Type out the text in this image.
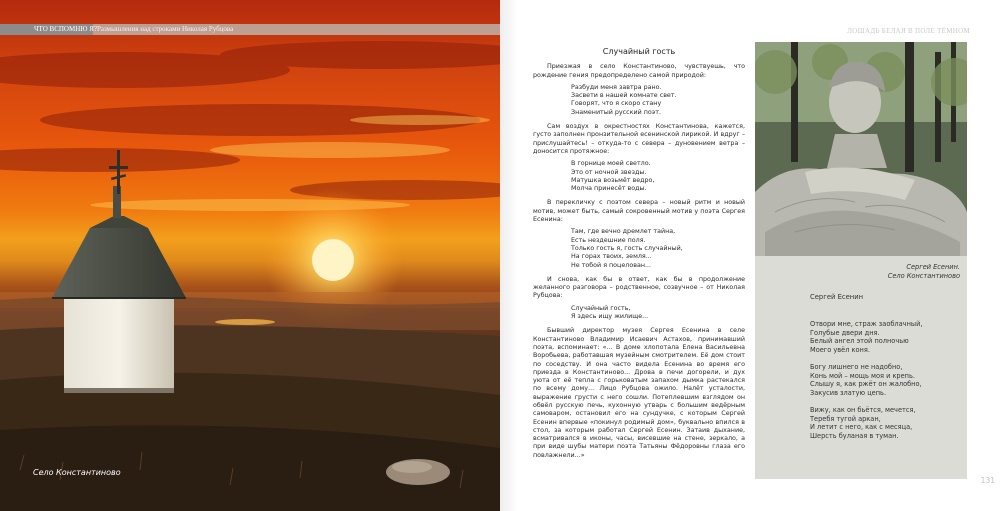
ЧТО ВСПОМНЮ Я? Размышления над строками Николая Рубцова
Село Константиново
ЛОШАДЬ БЕЛАЯ В ПОЛЕ ТЁМНОМ
Случайный гость

Приезжая в село Константиново, чувствуешь, что рождение гения предопределено самой природой:

Разбуди меня завтра рано.
Засвети в нашей комнате свет.
Говорят, что я скоро стану
Знаменитый русский поэт.

Сам воздух в окрестностях Константинова, кажется, густо заполнен пронзительной есенинской лирикой. И вдруг – прислушайтесь! – откуда-то с севера – дуновением ветра – доносится протяжное:

В горнице моей светло.
Это от ночной звезды.
Матушка возьмёт ведро,
Молча принесёт воды.

В перекличку с поэтом севера – новый ритм и новый мотив, может быть, самый сокровенный мотив у поэта Сергея Есенина:

Там, где вечно дремлет тайна,
Есть нездешние поля.
Только гость я, гость случайный,
На горах твоих, земля...
Не тобой я поцелован...

И снова, как бы в ответ, как бы в продолжение желанного разговора – родственное, созвучное – от Николая Рубцова:

Случайный гость,
Я здесь ищу жилище...

Бывший директор музея Сергея Есенина в селе Константиново Владимир Исаевич Астахов, принимавший поэта, вспоминает: «... В доме хлопотала Елена Васильевна Воробьева, работавшая музейным смотрителем. Её дом стоит по соседству. И она часто видела Есенина во время его приезда в Константиново... Дрова в печи догорели, и дух уюта от её тепла с горьковатым запахом дымка растекался по всему дому... Лицо Рубцова ожило. Налёт усталости, выражение грусти с него сошли. Потеплевшим взглядом он обвёл русскую печь, кухонную утварь с большим ведёрным самоваром, остановил его на сундучке, с которым Сергей Есенин впервые «покинул родимый дом», буквально впился в стол, за которым работал Сергей Есенин. Затаив дыхание, всматривался в иконы, часы, висевшие на стене, зеркало, а при виде шубы матери поэта Татьяны Фёдоровны глаза его повлажнели...»

131
Сергей Есенин.
Село Константиново
Сергей Есенин
Отвори мне, страж заоблачный,
Голубые двери дня.
Белый ангел этой полночью
Моего увёл коня.
Богу лишнего не надобно,
Конь мой – мощь моя и крепь.
Слышу я, как ржёт он жалобно,
Закусив златую цепь.
Вижу, как он бьётся, мечется,
Теребя тугой аркан,
И летит с него, как с месяца,
Шерсть буланая в туман.
